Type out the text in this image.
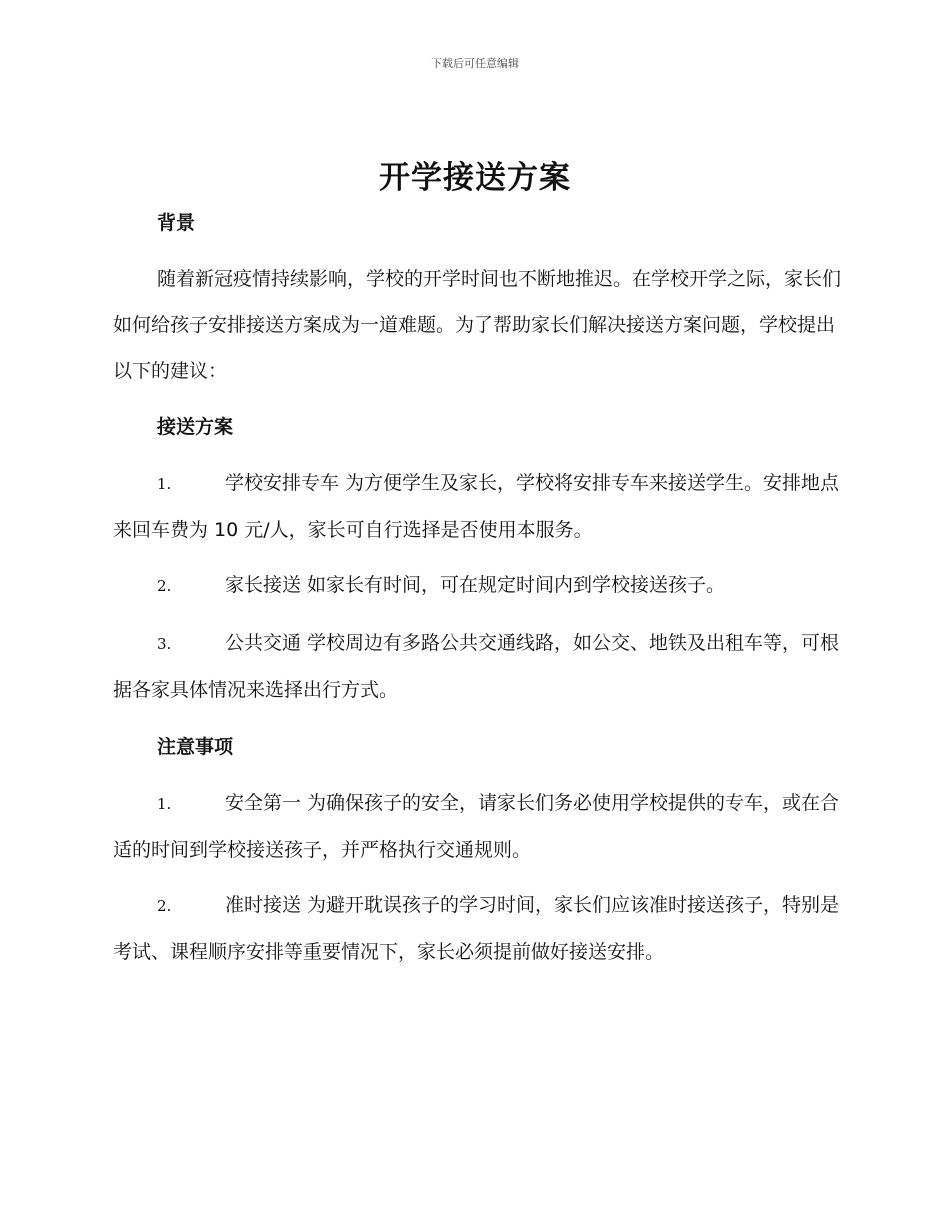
下载后可任意编辑
开学接送方案
背景

随着新冠疫情持续影响，学校的开学时间也不断地推迟。在学校开学之际，家长们如何给孩子安排接送方案成为一道难题。为了帮助家长们解决接送方案问题，学校提出以下的建议：

接送方案

1.	学校安排专车 为方便学生及家长，学校将安排专车来接送学生。安排地点来回车费为 10 元/人，家长可自行选择是否使用本服务。

2.	家长接送 如家长有时间，可在规定时间内到学校接送孩子。

3.	公共交通 学校周边有多路公共交通线路，如公交、地铁及出租车等，可根据各家具体情况来选择出行方式。

注意事项

1.	安全第一 为确保孩子的安全，请家长们务必使用学校提供的专车，或在合适的时间到学校接送孩子，并严格执行交通规则。

2.	准时接送 为避开耽误孩子的学习时间，家长们应该准时接送孩子，特别是考试、课程顺序安排等重要情况下，家长必须提前做好接送安排。
